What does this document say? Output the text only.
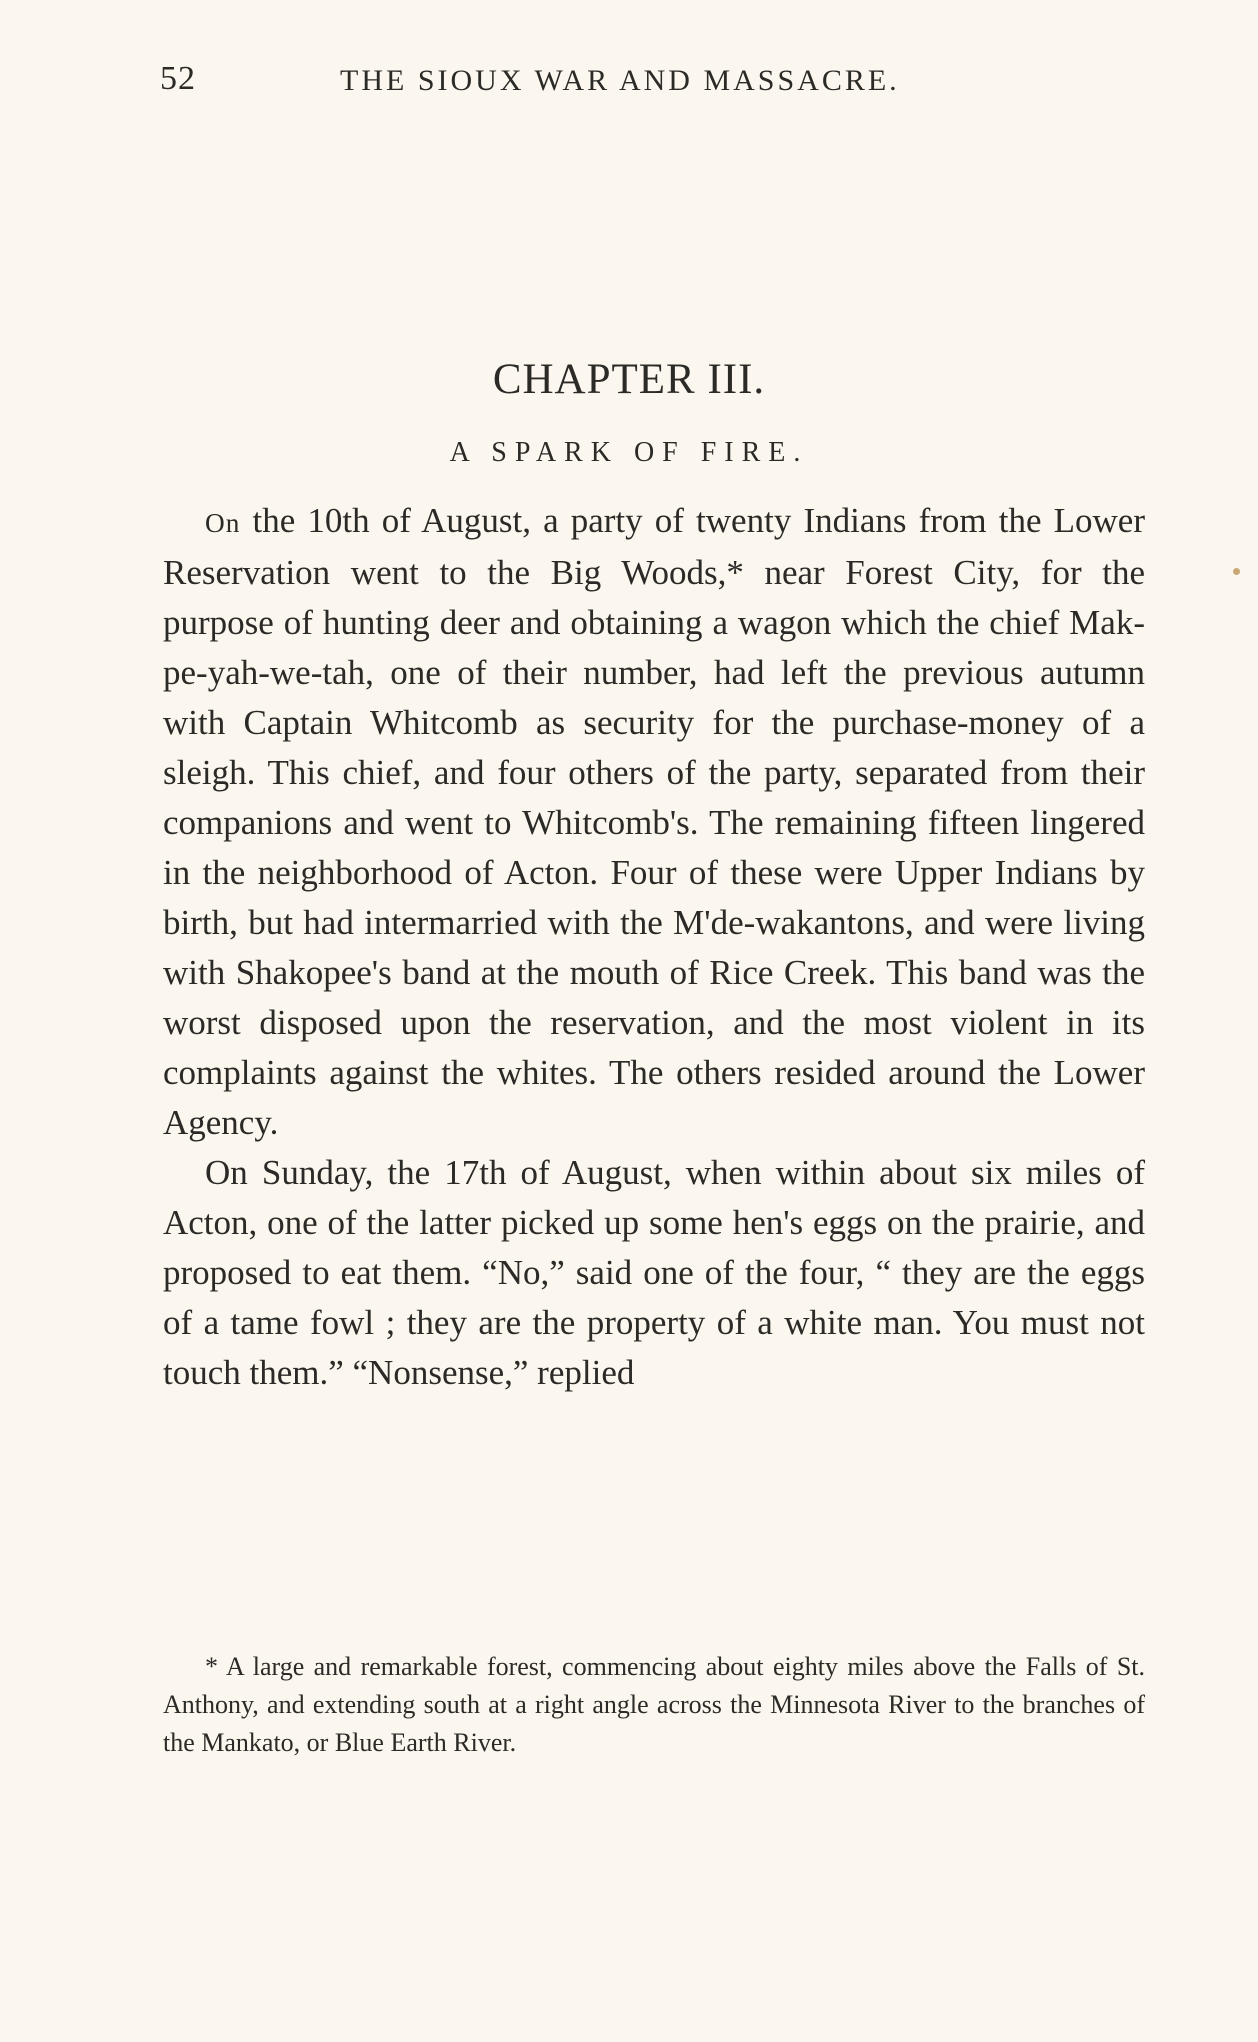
52	THE SIOUX WAR AND MASSACRE.
CHAPTER III.
A SPARK OF FIRE.

On the 10th of August, a party of twenty Indians from the Lower Reservation went to the Big Woods,* near Forest City, for the purpose of hunting deer and obtaining a wagon which the chief Mak-pe-yah-we-tah, one of their number, had left the previous autumn with Captain Whitcomb as security for the purchase-money of a sleigh. This chief, and four others of the party, separated from their companions and went to Whitcomb's. The remaining fifteen lingered in the neighborhood of Acton. Four of these were Upper Indians by birth, but had intermarried with the M'de-wakantons, and were living with Shakopee's band at the mouth of Rice Creek. This band was the worst disposed upon the reservation, and the most violent in its complaints against the whites. The others resided around the Lower Agency.

On Sunday, the 17th of August, when within about six miles of Acton, one of the latter picked up some hen's eggs on the prairie, and proposed to eat them. “No,” said one of the four, “ they are the eggs of a tame fowl ; they are the property of a white man. You must not touch them.” “Nonsense,” replied

* A large and remarkable forest, commencing about eighty miles above the Falls of St. Anthony, and extending south at a right angle across the Minnesota River to the branches of the Mankato, or Blue Earth River.
